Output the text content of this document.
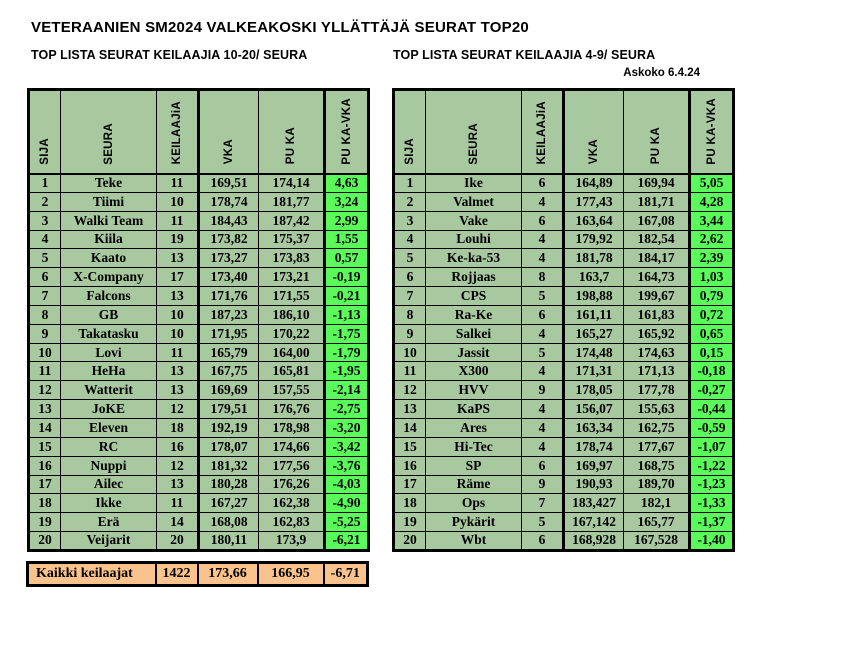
VETERAANIEN SM2024 VALKEAKOSKI YLLÄTTÄJÄ SEURAT TOP20
TOP LISTA SEURAT KEILAAJIA 10-20/ SEURA	TOP LISTA SEURAT KEILAAJIA 4-9/ SEURA
Askoko 6.4.24
SIJA	SEURA	KEILAAJiA	VKA	PU KA	PU KA-VKA
1	Teke	11	169,51	174,14	4,63
2	Tiimi	10	178,74	181,77	3,24
3	Walki Team	11	184,43	187,42	2,99
4	Kiila	19	173,82	175,37	1,55
5	Kaato	13	173,27	173,83	0,57
6	X-Company	17	173,40	173,21	-0,19
7	Falcons	13	171,76	171,55	-0,21
8	GB	10	187,23	186,10	-1,13
9	Takatasku	10	171,95	170,22	-1,75
10	Lovi	11	165,79	164,00	-1,79
11	HeHa	13	167,75	165,81	-1,95
12	Watterit	13	169,69	157,55	-2,14
13	JoKE	12	179,51	176,76	-2,75
14	Eleven	18	192,19	178,98	-3,20
15	RC	16	178,07	174,66	-3,42
16	Nuppi	12	181,32	177,56	-3,76
17	Ailec	13	180,28	176,26	-4,03
18	Ikke	11	167,27	162,38	-4,90
19	Erä	14	168,08	162,83	-5,25
20	Veijarit	20	180,11	173,9	-6,21
SIJA	SEURA	KEILAAJiA	VKA	PU KA	PU KA-VKA
1	Ike	6	164,89	169,94	5,05
2	Valmet	4	177,43	181,71	4,28
3	Vake	6	163,64	167,08	3,44
4	Louhi	4	179,92	182,54	2,62
5	Ke-ka-53	4	181,78	184,17	2,39
6	Rojjaas	8	163,7	164,73	1,03
7	CPS	5	198,88	199,67	0,79
8	Ra-Ke	6	161,11	161,83	0,72
9	Salkei	4	165,27	165,92	0,65
10	Jassit	5	174,48	174,63	0,15
11	X300	4	171,31	171,13	-0,18
12	HVV	9	178,05	177,78	-0,27
13	KaPS	4	156,07	155,63	-0,44
14	Ares	4	163,34	162,75	-0,59
15	Hi-Tec	4	178,74	177,67	-1,07
16	SP	6	169,97	168,75	-1,22
17	Räme	9	190,93	189,70	-1,23
18	Ops	7	183,427	182,1	-1,33
19	Pykärit	5	167,142	165,77	-1,37
20	Wbt	6	168,928	167,528	-1,40
Kaikki keilaajat	1422	173,66	166,95	-6,71
